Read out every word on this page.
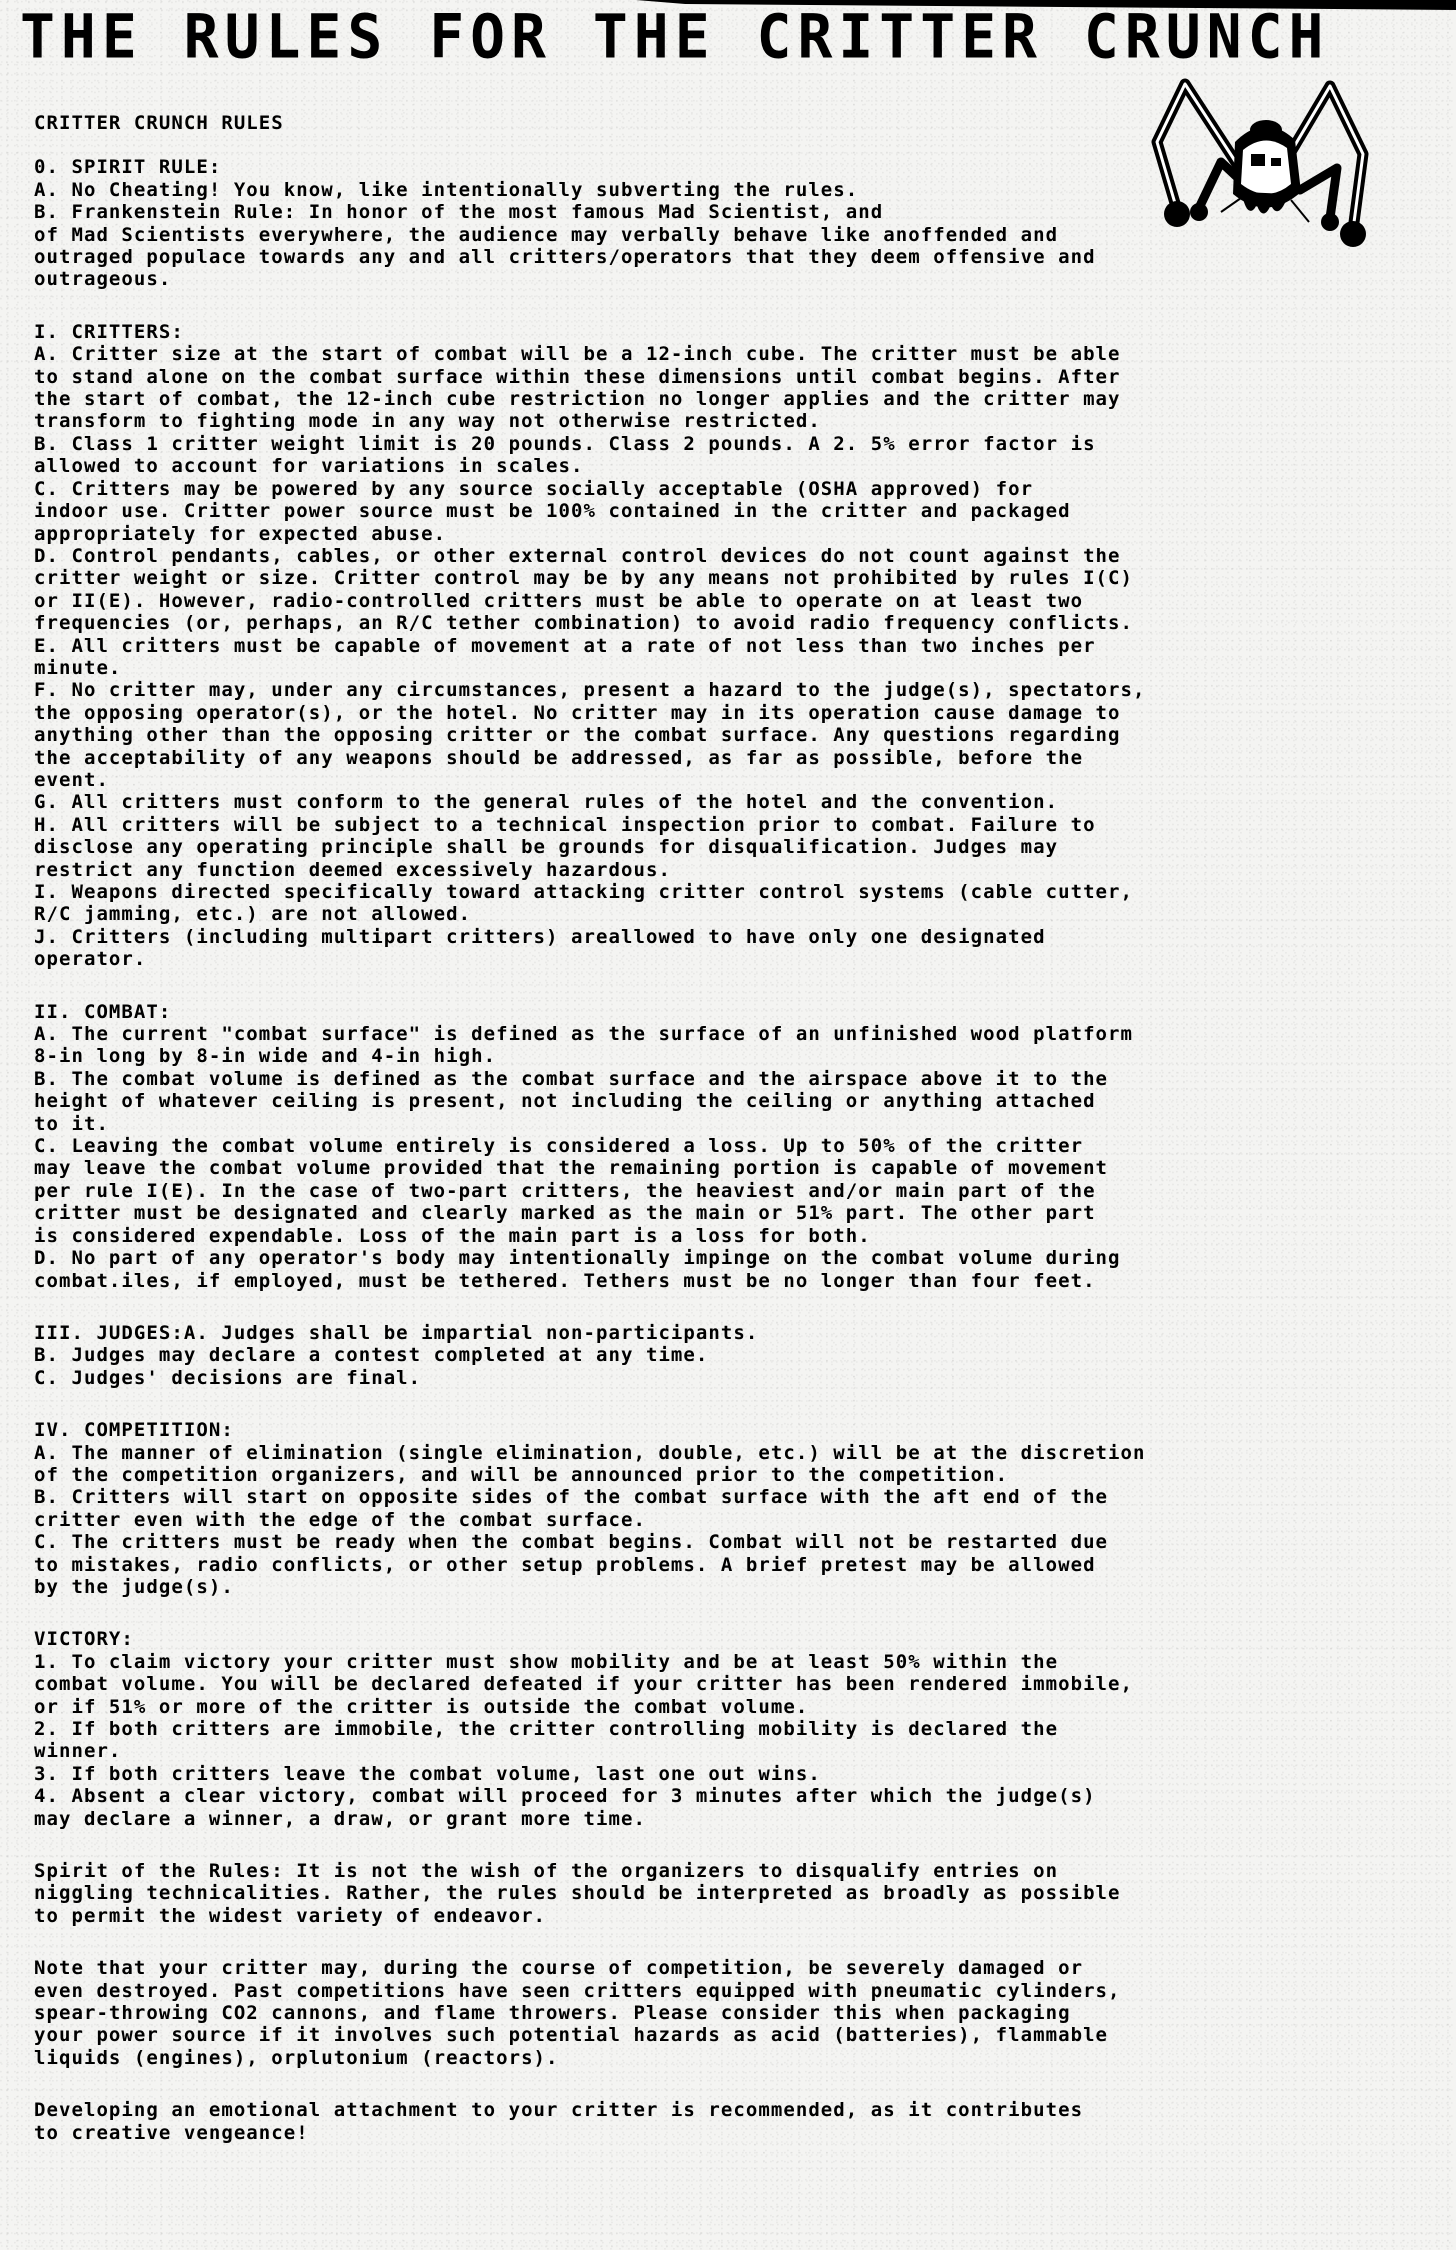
THE RULES FOR THE CRITTER CRUNCH

CRITTER CRUNCH RULES

0. SPIRIT RULE:
A. No Cheating! You know, like intentionally subverting the rules.
B. Frankenstein Rule: In honor of the most famous Mad Scientist, and
of Mad Scientists everywhere, the audience may verbally behave like anoffended and
outraged populace towards any and all critters/operators that they deem offensive and
outrageous.
I. CRITTERS:
A. Critter size at the start of combat will be a 12-inch cube. The critter must be able
to stand alone on the combat surface within these dimensions until combat begins. After
the start of combat, the 12-inch cube restriction no longer applies and the critter may
transform to fighting mode in any way not otherwise restricted.
B. Class 1 critter weight limit is 20 pounds. Class 2 pounds. A 2. 5% error factor is
allowed to account for variations in scales.
C. Critters may be powered by any source socially acceptable (OSHA approved) for
indoor use. Critter power source must be 100% contained in the critter and packaged
appropriately for expected abuse.
D. Control pendants, cables, or other external control devices do not count against the
critter weight or size. Critter control may be by any means not prohibited by rules I(C)
or II(E). However, radio-controlled critters must be able to operate on at least two
frequencies (or, perhaps, an R/C tether combination) to avoid radio frequency conflicts.
E. All critters must be capable of movement at a rate of not less than two inches per
minute.
F. No critter may, under any circumstances, present a hazard to the judge(s), spectators,
the opposing operator(s), or the hotel. No critter may in its operation cause damage to
anything other than the opposing critter or the combat surface. Any questions regarding
the acceptability of any weapons should be addressed, as far as possible, before the
event.
G. All critters must conform to the general rules of the hotel and the convention.
H. All critters will be subject to a technical inspection prior to combat. Failure to
disclose any operating principle shall be grounds for disqualification. Judges may
restrict any function deemed excessively hazardous.
I. Weapons directed specifically toward attacking critter control systems (cable cutter,
R/C jamming, etc.) are not allowed.
J. Critters (including multipart critters) areallowed to have only one designated
operator.
II. COMBAT:
A. The current "combat surface" is defined as the surface of an unfinished wood platform
8-in long by 8-in wide and 4-in high.
B. The combat volume is defined as the combat surface and the airspace above it to the
height of whatever ceiling is present, not including the ceiling or anything attached
to it.
C. Leaving the combat volume entirely is considered a loss. Up to 50% of the critter
may leave the combat volume provided that the remaining portion is capable of movement
per rule I(E). In the case of two-part critters, the heaviest and/or main part of the
critter must be designated and clearly marked as the main or 51% part. The other part
is considered expendable. Loss of the main part is a loss for both.
D. No part of any operator's body may intentionally impinge on the combat volume during
combat.iles, if employed, must be tethered. Tethers must be no longer than four feet.
III. JUDGES:A. Judges shall be impartial non-participants.
B. Judges may declare a contest completed at any time.
C. Judges' decisions are final.
IV. COMPETITION:
A. The manner of elimination (single elimination, double, etc.) will be at the discretion
of the competition organizers, and will be announced prior to the competition.
B. Critters will start on opposite sides of the combat surface with the aft end of the
critter even with the edge of the combat surface.
C. The critters must be ready when the combat begins. Combat will not be restarted due
to mistakes, radio conflicts, or other setup problems. A brief pretest may be allowed
by the judge(s).
VICTORY:
1. To claim victory your critter must show mobility and be at least 50% within the
combat volume. You will be declared defeated if your critter has been rendered immobile,
or if 51% or more of the critter is outside the combat volume.
2. If both critters are immobile, the critter controlling mobility is declared the
winner.
3. If both critters leave the combat volume, last one out wins.
4. Absent a clear victory, combat will proceed for 3 minutes after which the judge(s)
may declare a winner, a draw, or grant more time.
Spirit of the Rules: It is not the wish of the organizers to disqualify entries on
niggling technicalities. Rather, the rules should be interpreted as broadly as possible
to permit the widest variety of endeavor.
Note that your critter may, during the course of competition, be severely damaged or
even destroyed. Past competitions have seen critters equipped with pneumatic cylinders,
spear-throwing CO2 cannons, and flame throwers. Please consider this when packaging
your power source if it involves such potential hazards as acid (batteries), flammable
liquids (engines), orplutonium (reactors).
Developing an emotional attachment to your critter is recommended, as it contributes
to creative vengeance!
